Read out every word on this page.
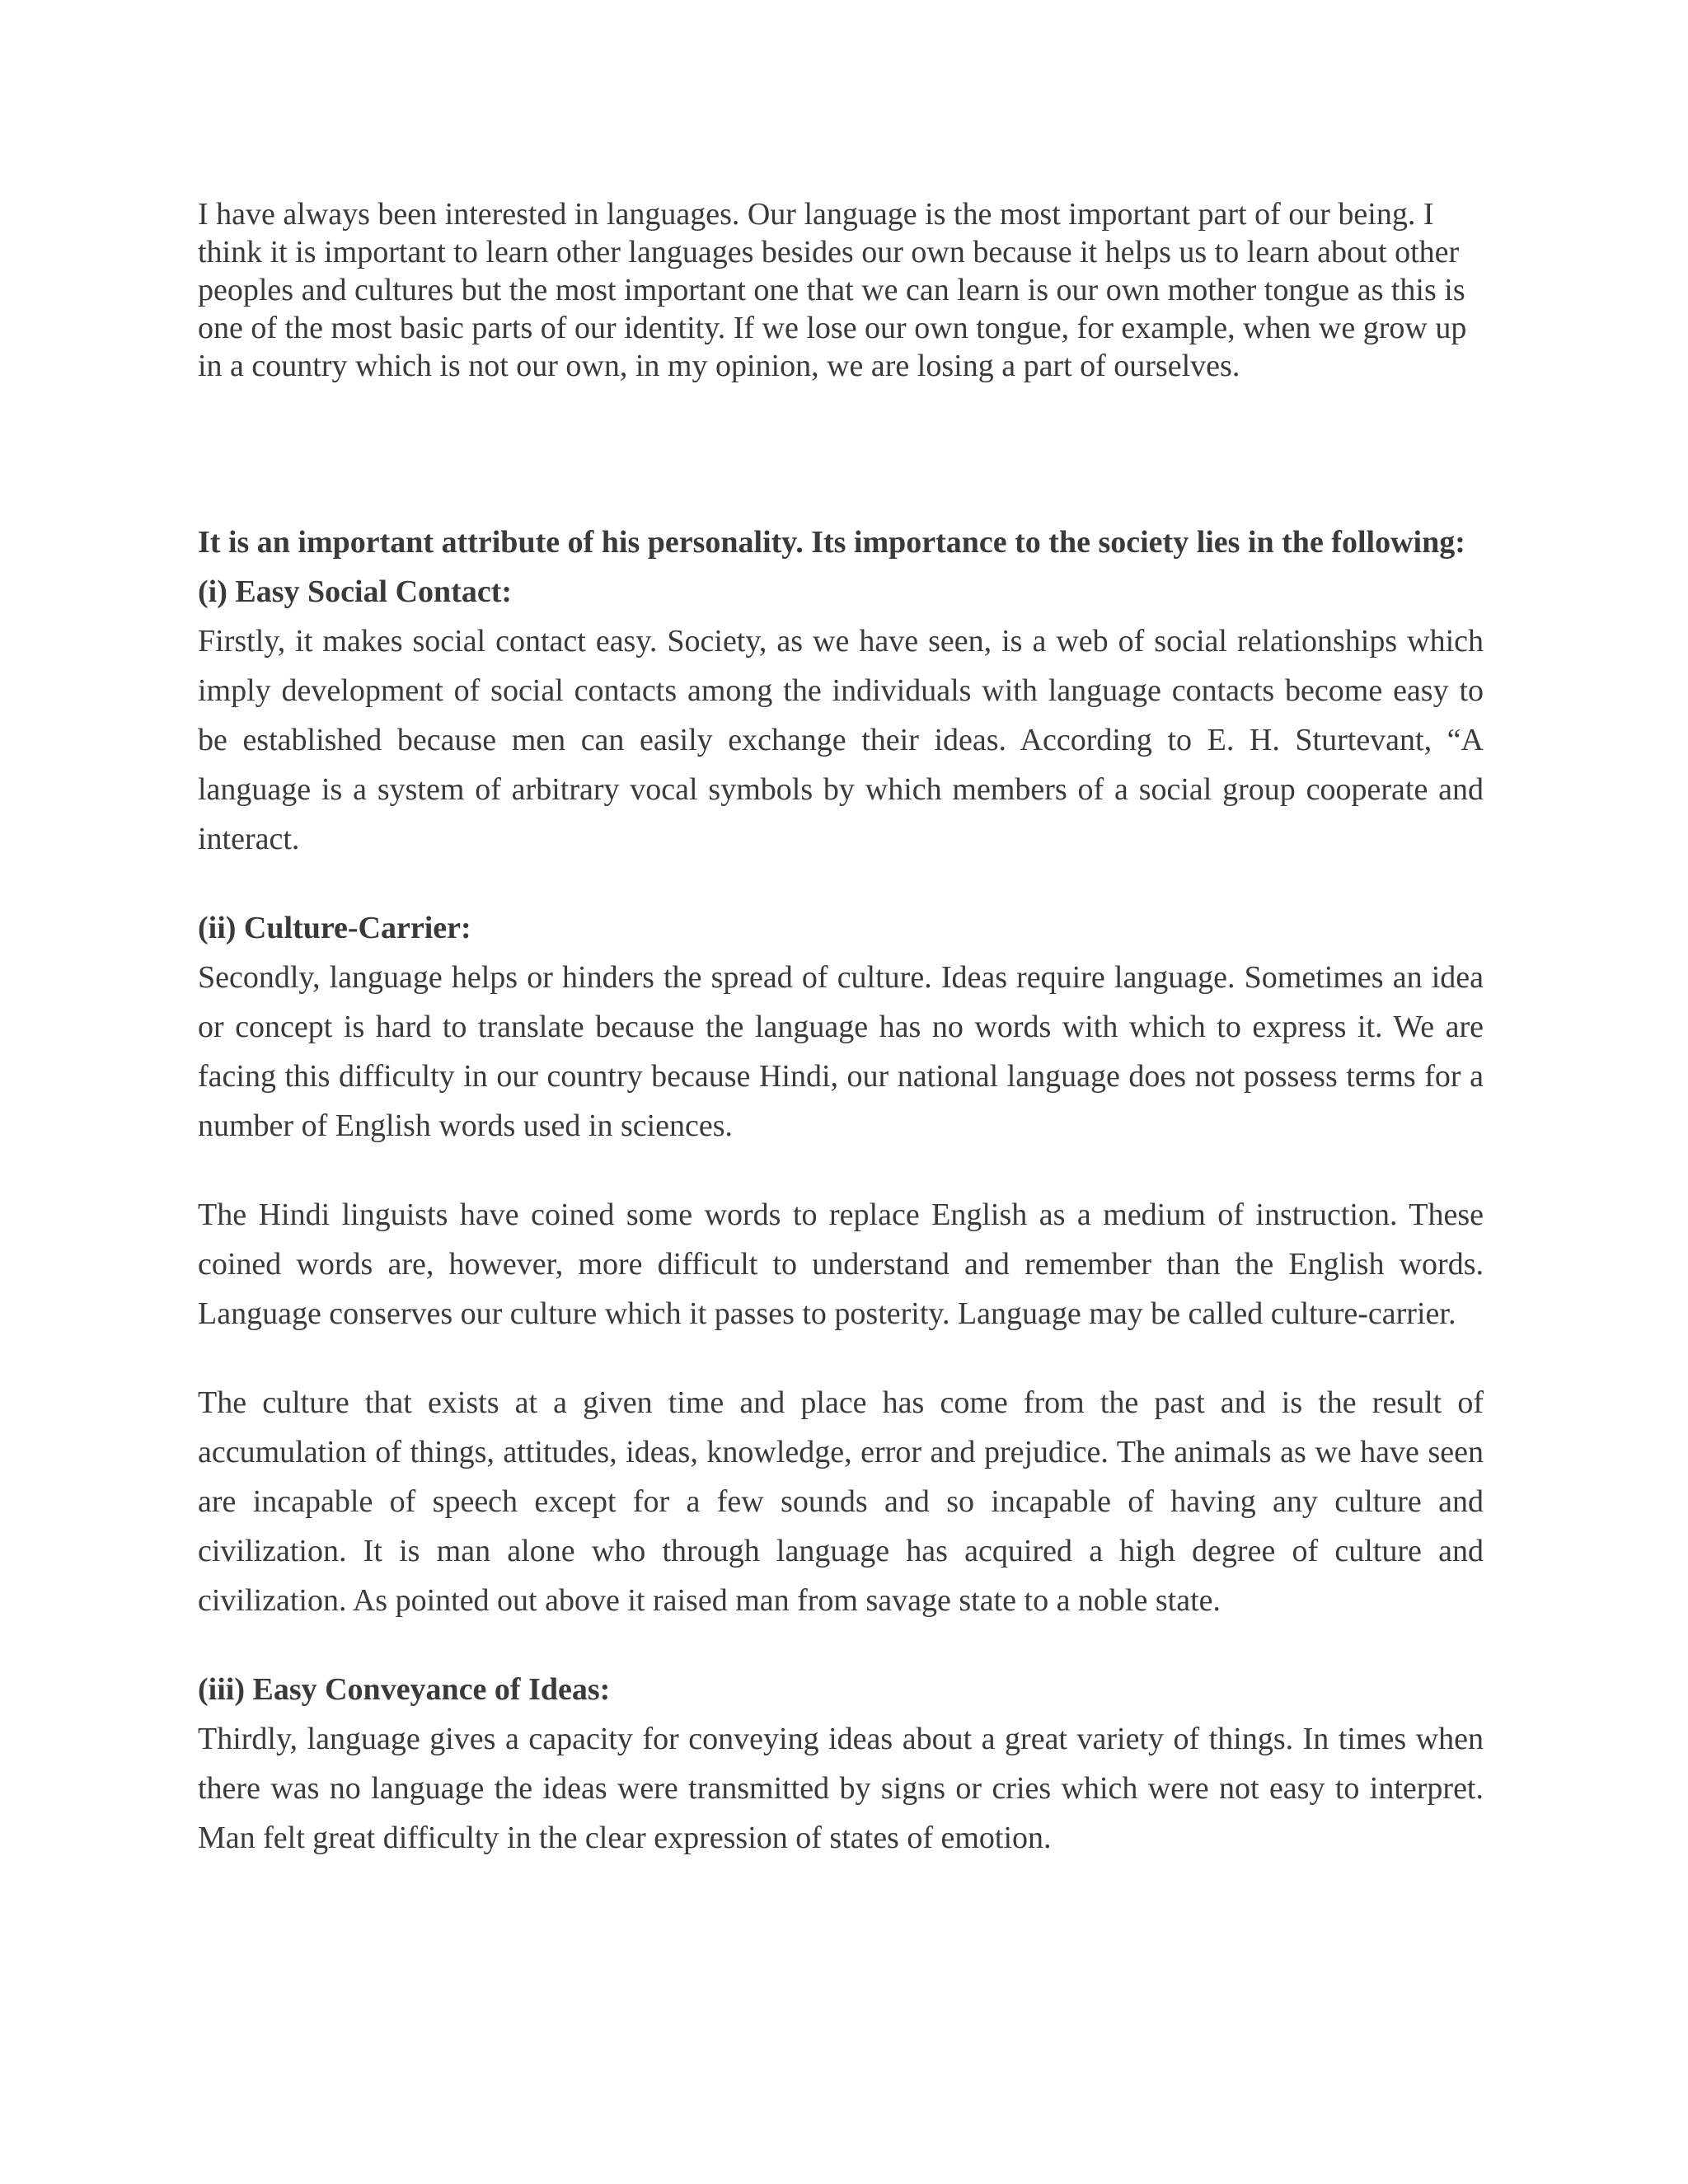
I have always been interested in languages. Our language is the most important part of our being. I think it is important to learn other languages besides our own because it helps us to learn about other peoples and cultures but the most important one that we can learn is our own mother tongue as this is one of the most basic parts of our identity. If we lose our own tongue, for example, when we grow up in a country which is not our own, in my opinion, we are losing a part of ourselves.

It is an important attribute of his personality. Its importance to the society lies in the following:

(i) Easy Social Contact:

Firstly, it makes social contact easy. Society, as we have seen, is a web of social relationships which imply development of social contacts among the individuals with language contacts become easy to be established because men can easily exchange their ideas. According to E. H. Sturtevant, “A language is a system of arbitrary vocal symbols by which members of a social group cooperate and interact.

(ii) Culture-Carrier:

Secondly, language helps or hinders the spread of culture. Ideas require language. Sometimes an idea or concept is hard to translate because the language has no words with which to express it. We are facing this difficulty in our country because Hindi, our national language does not possess terms for a number of English words used in sciences.

The Hindi linguists have coined some words to replace English as a medium of instruction. These coined words are, however, more difficult to understand and remember than the English words. Language conserves our culture which it passes to posterity. Language may be called culture-carrier.

The culture that exists at a given time and place has come from the past and is the result of accumulation of things, attitudes, ideas, knowledge, error and prejudice. The animals as we have seen are incapable of speech except for a few sounds and so incapable of having any culture and civilization. It is man alone who through language has acquired a high degree of culture and civilization. As pointed out above it raised man from savage state to a noble state.

(iii) Easy Conveyance of Ideas:

Thirdly, language gives a capacity for conveying ideas about a great variety of things. In times when there was no language the ideas were transmitted by signs or cries which were not easy to interpret. Man felt great difficulty in the clear expression of states of emotion.
